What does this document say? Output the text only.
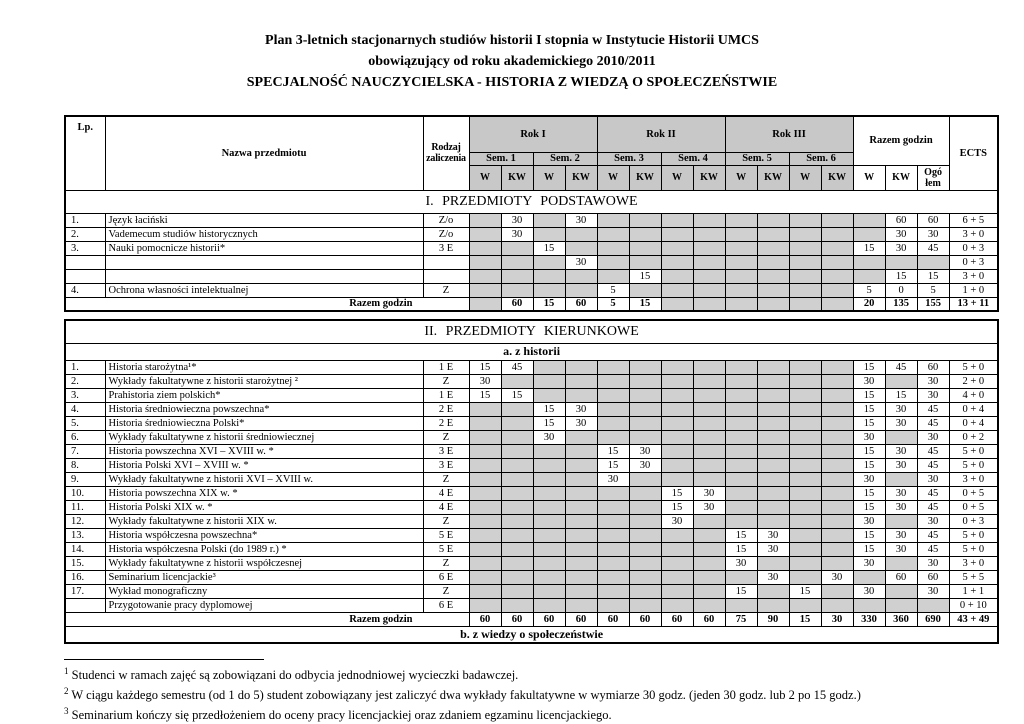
Plan 3-letnich stacjonarnych studiów historii I stopnia w Instytucie Historii UMCS
obowiązujący od roku akademickiego 2010/2011
SPECJALNOŚĆ NAUCZYCIELSKA - HISTORIA Z WIEDZĄ O SPOŁECZEŃSTWIE
Lp.	Nazwa przedmiotu	Rodzaj zaliczenia	Rok I				Rok II				Rok III				Razem godzin			ECTS
			Sem. 1		Sem. 2		Sem. 3		Sem. 4		Sem. 5		Sem. 6					
			W	KW	W	KW	W	KW	W	KW	W	KW	W	KW	W	KW	Ogó
łem	
I. PRZEDMIOTY PODSTAWOWE																		
1.	Język łaciński	Z/o		30		30										60	60	6 + 5
2.	Vademecum studiów historycznych	Z/o		30												30	30	3 + 0
3.	Nauki pomocnicze historii*	3 E			15										15	30	45	0 + 3
						30												0 + 3
								15								15	15	3 + 0
4.	Ochrona własności intelektualnej	Z					5								5	0	5	1 + 0
Razem godzin				60	15	60	5	15							20	135	155	13 + 11
II. PRZEDMIOTY KIERUNKOWE																		
a. z historii																		
1.	Historia starożytna¹*	1 E	15	45											15	45	60	5 + 0
2.	Wykłady fakultatywne z historii starożytnej ²	Z	30												30		30	2 + 0
3.	Prahistoria ziem polskich*	1 E	15	15											15	15	30	4 + 0
4.	Historia średniowieczna powszechna*	2 E			15	30									15	30	45	0 + 4
5.	Historia średniowieczna Polski*	2 E			15	30									15	30	45	0 + 4
6.	Wykłady fakultatywne z historii średniowiecznej	Z			30										30		30	0 + 2
7.	Historia powszechna XVI – XVIII w. *	3 E					15	30							15	30	45	5 + 0
8.	Historia Polski XVI – XVIII w. *	3 E					15	30							15	30	45	5 + 0
9.	Wykłady fakultatywne z historii XVI – XVIII w.	Z					30								30		30	3 + 0
10.	Historia powszechna XIX w. *	4 E							15	30					15	30	45	0 + 5
11.	Historia Polski XIX w. *	4 E							15	30					15	30	45	0 + 5
12.	Wykłady fakultatywne z historii XIX w.	Z							30						30		30	0 + 3
13.	Historia współczesna powszechna*	5 E									15	30			15	30	45	5 + 0
14.	Historia współczesna Polski (do 1989 r.) *	5 E									15	30			15	30	45	5 + 0
15.	Wykłady fakultatywne z historii współczesnej	Z									30				30		30	3 + 0
16.	Seminarium licencjackie³	6 E										30		30		60	60	5 + 5
17.	Wykład monograficzny	Z									15		15		30		30	1 + 1
	Przygotowanie pracy dyplomowej	6 E																0 + 10
Razem godzin			60	60	60	60	60	60	60	60	75	90	15	30	330	360	690	43 + 49
b. z wiedzy o społeczeństwie																		
$^1$ Studenci w ramach zajęć są zobowiązani do odbycia jednodniowej wycieczki badawczej.
$^2$ W ciągu każdego semestru (od 1 do 5) student zobowiązany jest zaliczyć dwa wykłady fakultatywne w wymiarze 30 godz. (jeden 30 godz. lub 2 po 15 godz.)
$^3$ Seminarium kończy się przedłożeniem do oceny pracy licencjackiej oraz zdaniem egzaminu licencjackiego.
